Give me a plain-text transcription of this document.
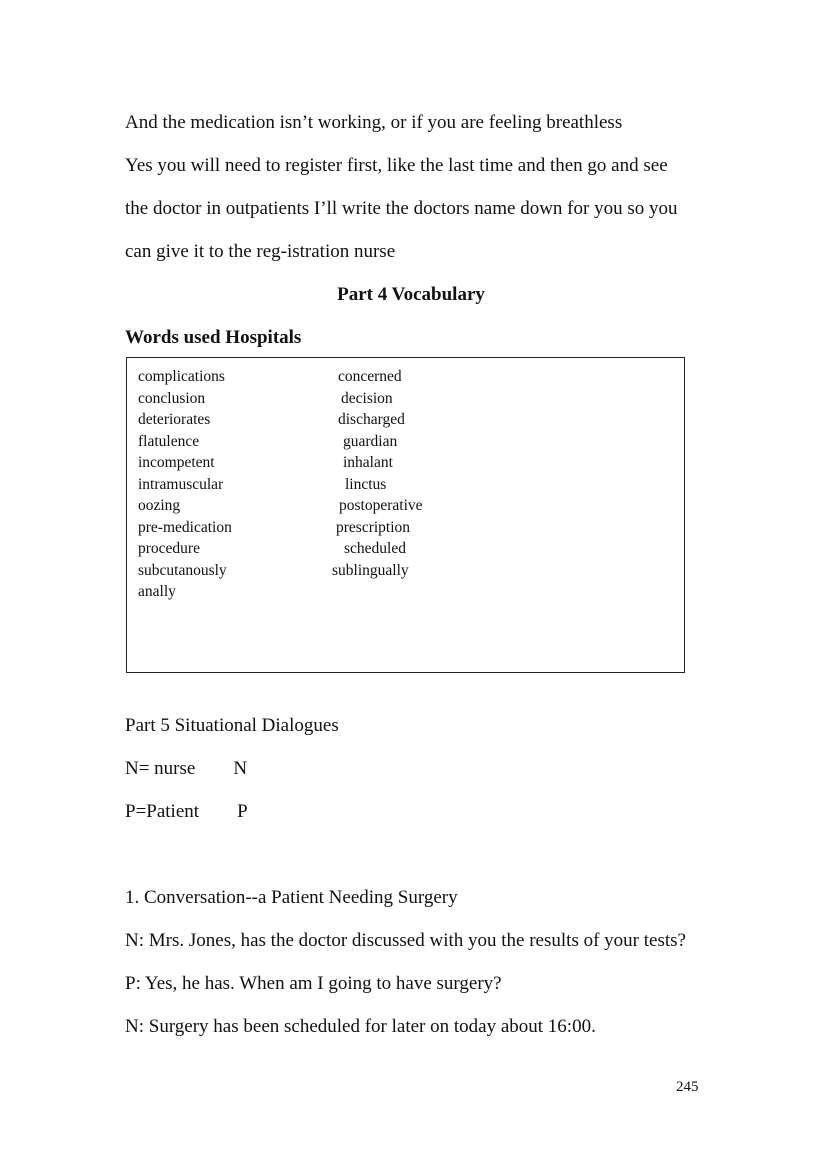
And the medication isn’t working, or if you are feeling breathless
Yes you will need to register first, like the last time and then go and see
the doctor in outpatients I’ll write the doctors name down for you so you
can give it to the reg-istration nurse
Part 4 Vocabulary
Words used Hospitals
complications
conclusion
deteriorates
flatulence
incompetent
intramuscular
oozing
pre-medication
procedure
subcutanously
anally
concerned
decision
discharged
guardian
inhalant
linctus
postoperative
prescription
scheduled
sublingually
Part 5 Situational Dialogues
N= nurse N
P=Patient P
1. Conversation--a Patient Needing Surgery
N: Mrs. Jones, has the doctor discussed with you the results of your tests?
P: Yes, he has. When am I going to have surgery?
N: Surgery has been scheduled for later on today about 16:00.
245
